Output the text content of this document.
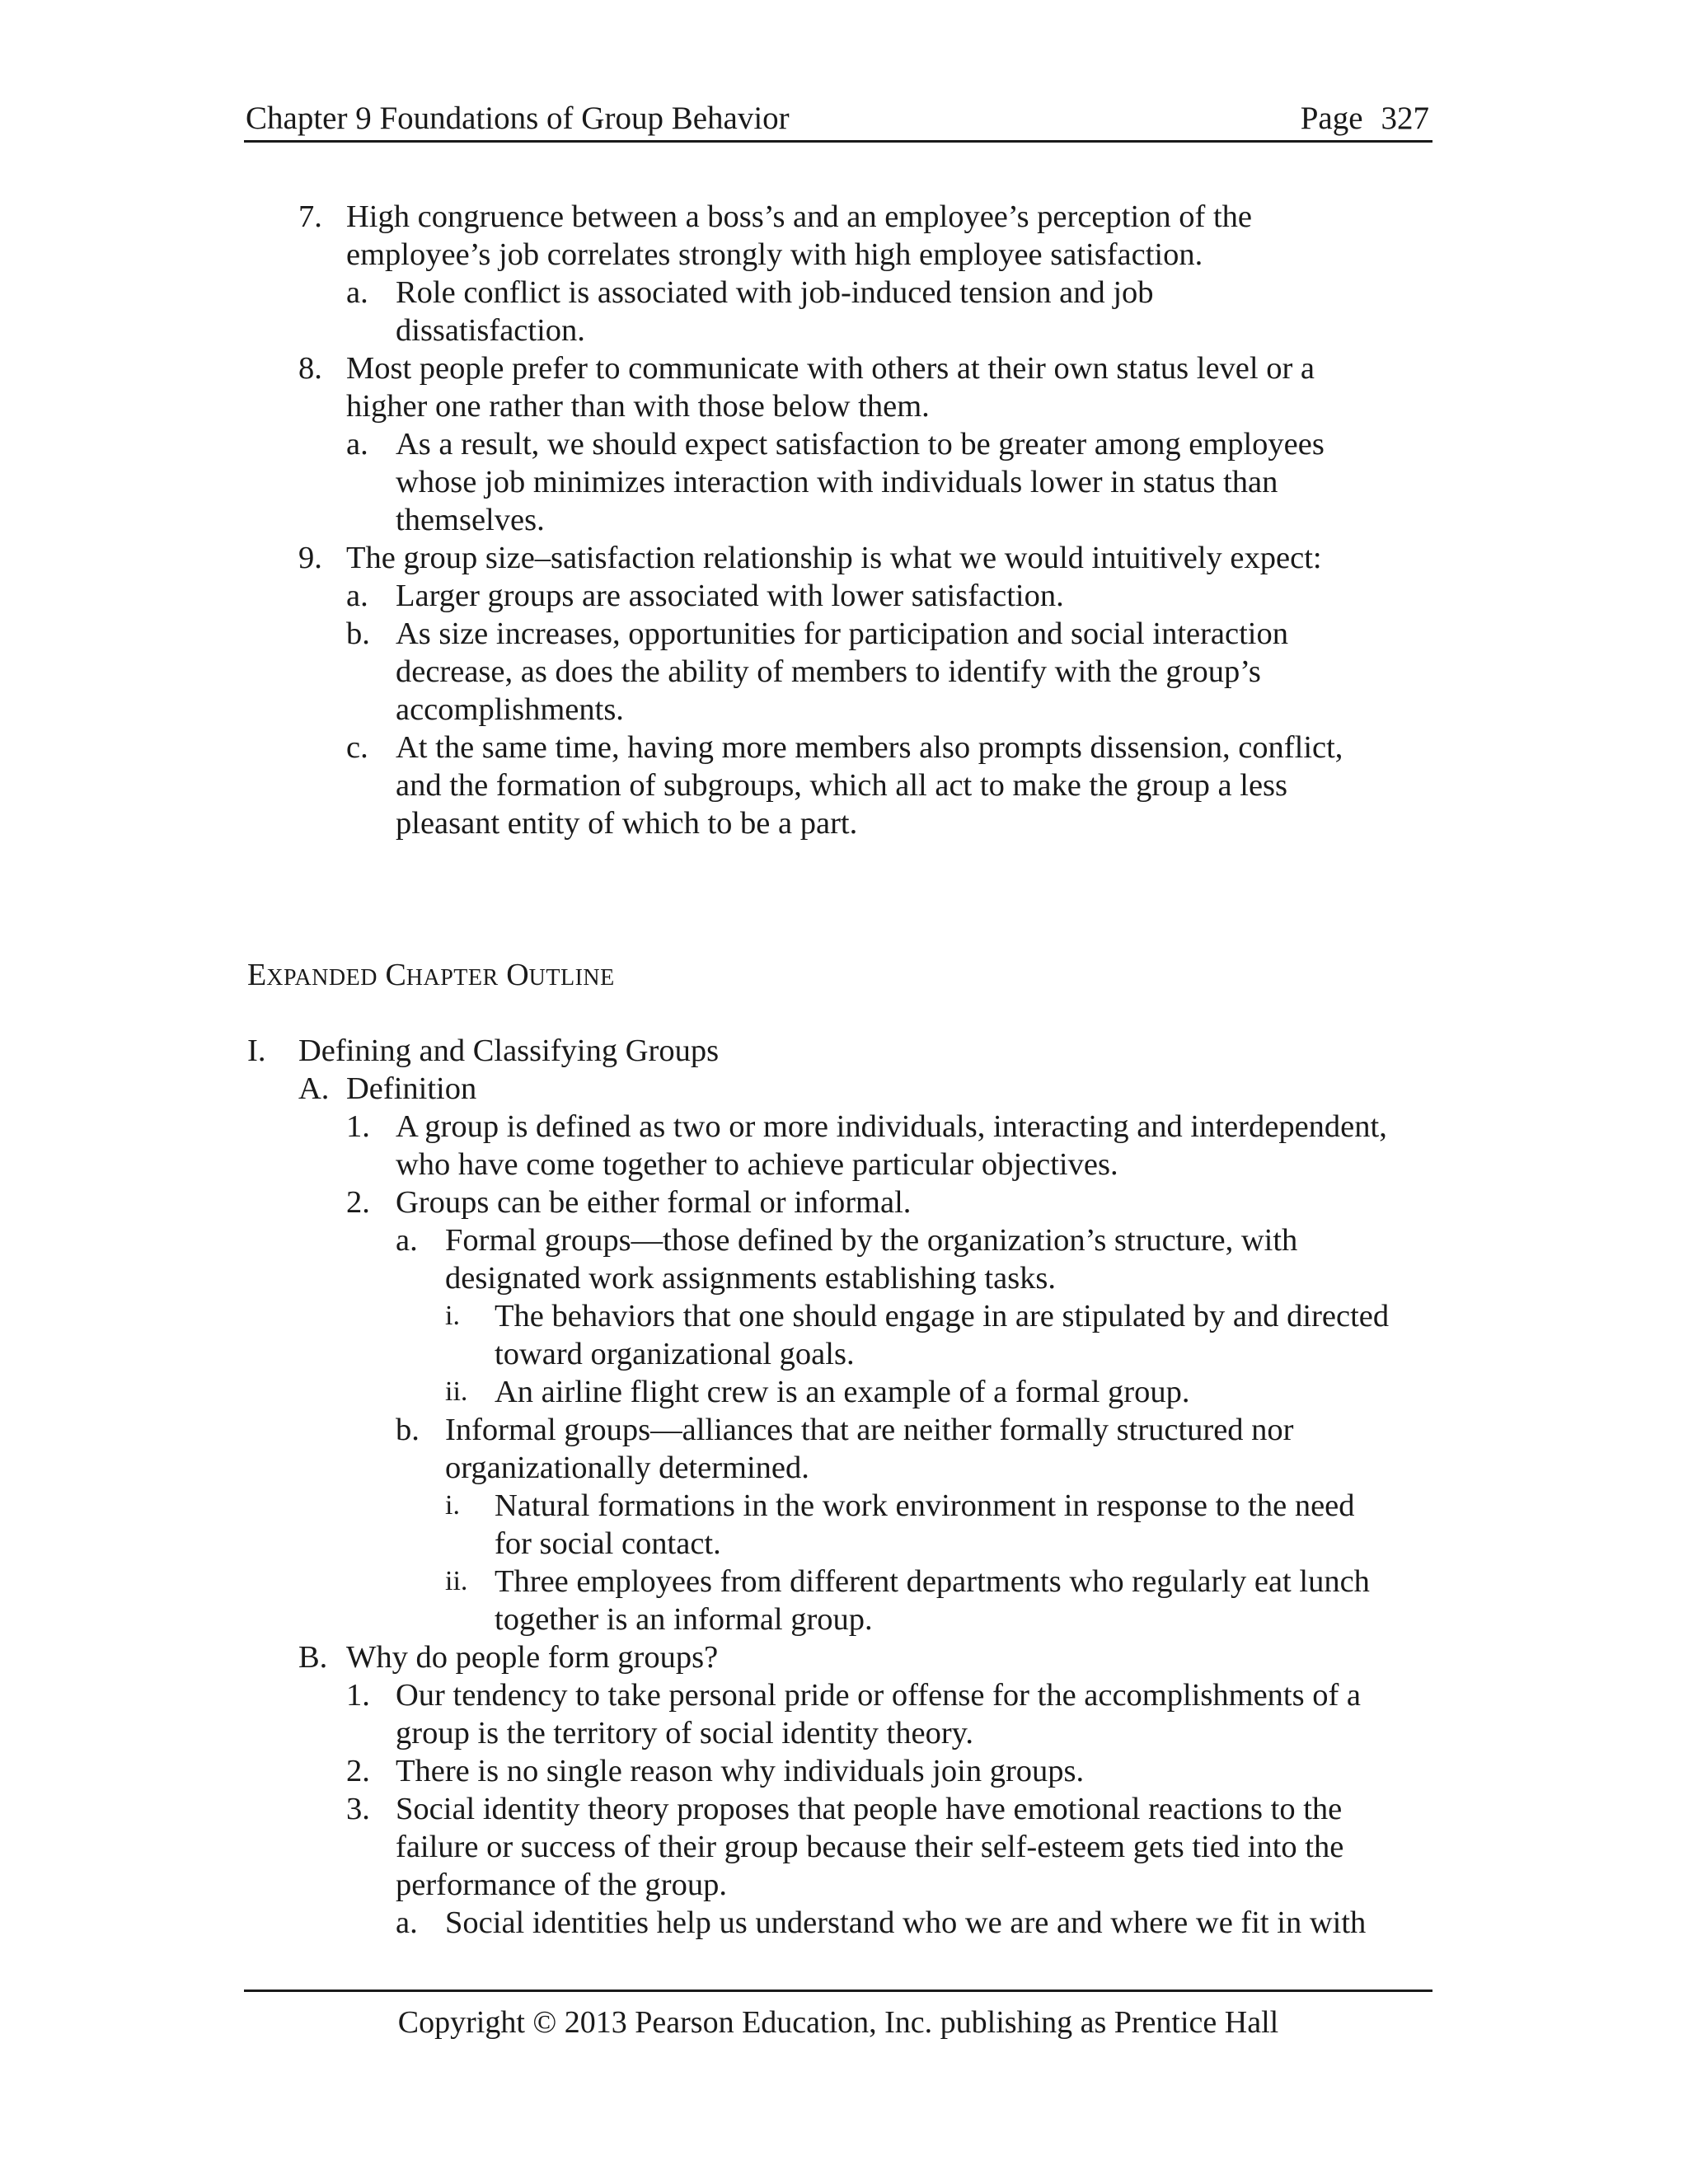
Chapter 9 Foundations of Group Behavior	Page 327
7. High congruence between a boss’s and an employee’s perception of the
employee’s job correlates strongly with high employee satisfaction.
a. Role conflict is associated with job-induced tension and job
dissatisfaction.
8. Most people prefer to communicate with others at their own status level or a
higher one rather than with those below them.
a. As a result, we should expect satisfaction to be greater among employees
whose job minimizes interaction with individuals lower in status than
themselves.
9. The group size–satisfaction relationship is what we would intuitively expect:
a. Larger groups are associated with lower satisfaction.
b. As size increases, opportunities for participation and social interaction
decrease, as does the ability of members to identify with the group’s
accomplishments.
c. At the same time, having more members also prompts dissension, conflict,
and the formation of subgroups, which all act to make the group a less
pleasant entity of which to be a part.
EXPANDED CHAPTER OUTLINE
I. Defining and Classifying Groups
A. Definition
1. A group is defined as two or more individuals, interacting and interdependent,
who have come together to achieve particular objectives.
2. Groups can be either formal or informal.
a. Formal groups—those defined by the organization’s structure, with
designated work assignments establishing tasks.
i. The behaviors that one should engage in are stipulated by and directed
toward organizational goals.
ii. An airline flight crew is an example of a formal group.
b. Informal groups—alliances that are neither formally structured nor
organizationally determined.
i. Natural formations in the work environment in response to the need
for social contact.
ii. Three employees from different departments who regularly eat lunch
together is an informal group.
B. Why do people form groups?
1. Our tendency to take personal pride or offense for the accomplishments of a
group is the territory of social identity theory.
2. There is no single reason why individuals join groups.
3. Social identity theory proposes that people have emotional reactions to the
failure or success of their group because their self-esteem gets tied into the
performance of the group.
a. Social identities help us understand who we are and where we fit in with
Copyright © 2013 Pearson Education, Inc. publishing as Prentice Hall
